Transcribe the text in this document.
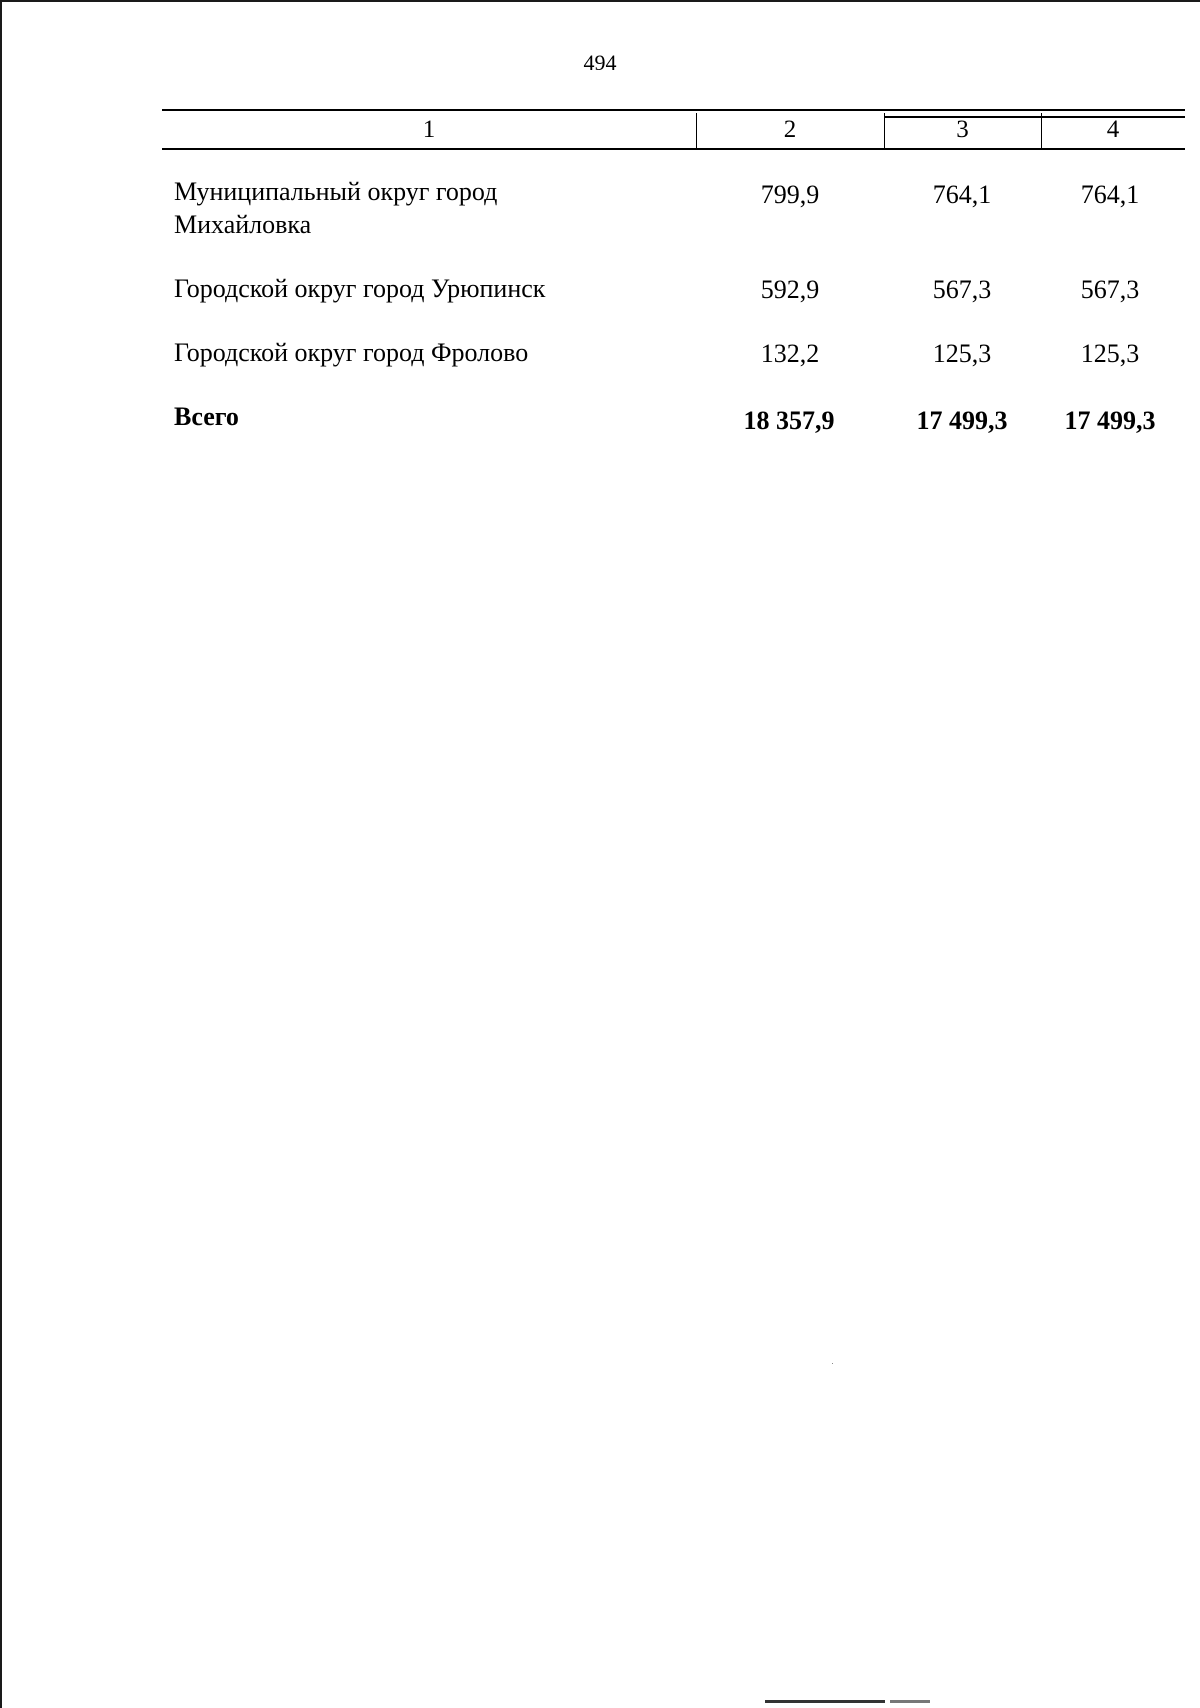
494
1	2	3	4
Муниципальный округ город
Михайловка
799,9	764,1	764,1
Городской округ город Урюпинск	592,9	567,3	567,3
Городской округ город Фролово	132,2	125,3	125,3
Всего	18 357,9	17 499,3	17 499,3
